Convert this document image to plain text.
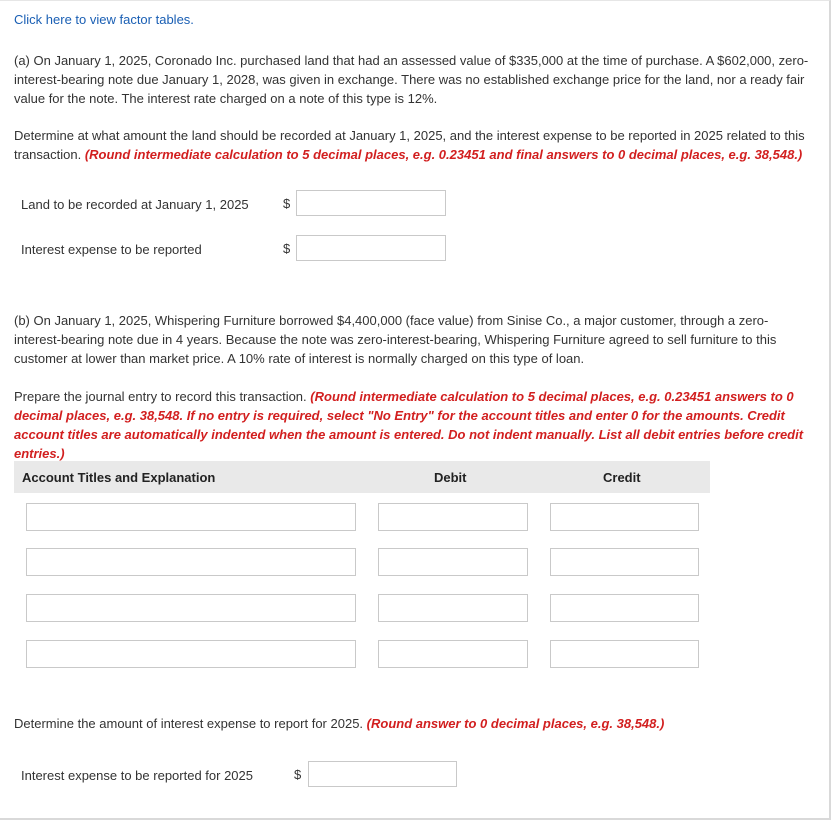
Click here to view factor tables.

(a) On January 1, 2025, Coronado Inc. purchased land that had an assessed value of $335,000 at the time of purchase. A $602,000, zero-interest-bearing note due January 1, 2028, was given in exchange. There was no established exchange price for the land, nor a ready fair value for the note. The interest rate charged on a note of this type is 12%.

Determine at what amount the land should be recorded at January 1, 2025, and the interest expense to be reported in 2025 related to this transaction. (Round intermediate calculation to 5 decimal places, e.g. 0.23451 and final answers to 0 decimal places, e.g. 38,548.)

Land to be recorded at January 1, 2025	$
Interest expense to be reported	$

(b) On January 1, 2025, Whispering Furniture borrowed $4,400,000 (face value) from Sinise Co., a major customer, through a zero-interest-bearing note due in 4 years. Because the note was zero-interest-bearing, Whispering Furniture agreed to sell furniture to this customer at lower than market price. A 10% rate of interest is normally charged on this type of loan.

Prepare the journal entry to record this transaction. (Round intermediate calculation to 5 decimal places, e.g. 0.23451 answers to 0 decimal places, e.g. 38,548. If no entry is required, select "No Entry" for the account titles and enter 0 for the amounts. Credit account titles are automatically indented when the amount is entered. Do not indent manually. List all debit entries before credit entries.)

Account Titles and Explanation	Debit	Credit

Determine the amount of interest expense to report for 2025. (Round answer to 0 decimal places, e.g. 38,548.)

Interest expense to be reported for 2025	$
